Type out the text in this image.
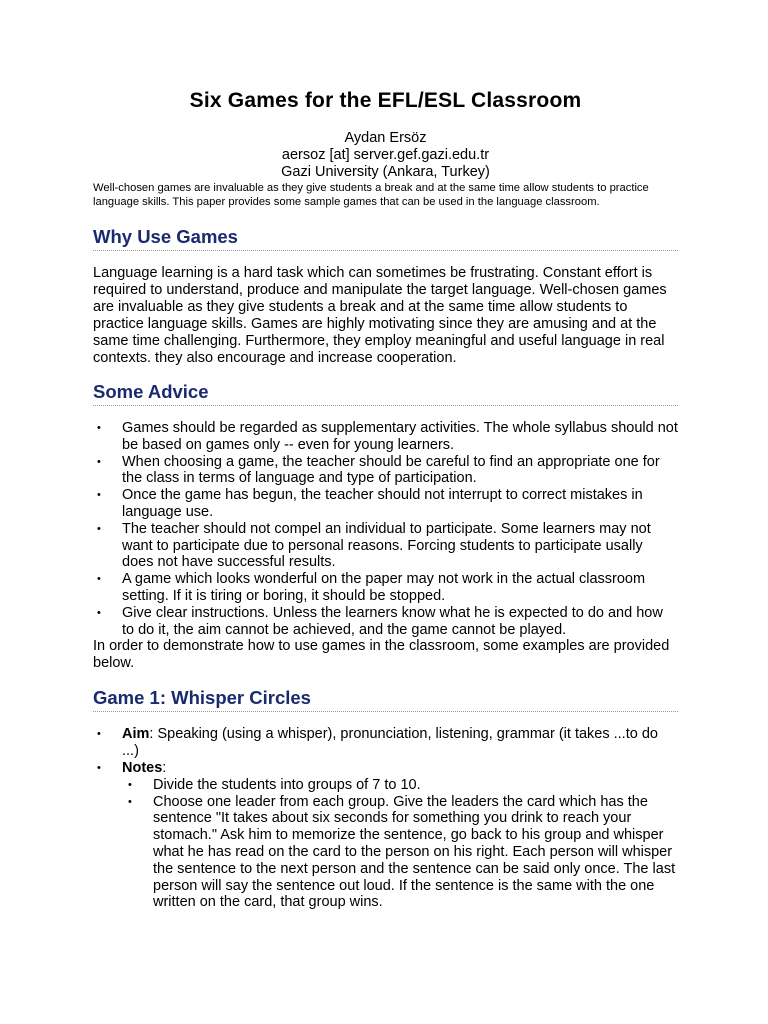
Six Games for the EFL/ESL Classroom
Aydan Ersöz
aersoz [at] server.gef.gazi.edu.tr
Gazi University (Ankara, Turkey)

Well-chosen games are invaluable as they give students a break and at the same time allow students to practice language skills. This paper provides some sample games that can be used in the language classroom.

Why Use Games

Language learning is a hard task which can sometimes be frustrating. Constant effort is required to understand, produce and manipulate the target language. Well-chosen games are invaluable as they give students a break and at the same time allow students to practice language skills. Games are highly motivating since they are amusing and at the same time challenging. Furthermore, they employ meaningful and useful language in real contexts. they also encourage and increase cooperation.

Some Advice
• Games should be regarded as supplementary activities. The whole syllabus should not be based on games only -- even for young learners.
• When choosing a game, the teacher should be careful to find an appropriate one for the class in terms of language and type of participation.
• Once the game has begun, the teacher should not interrupt to correct mistakes in language use.
• The teacher should not compel an individual to participate. Some learners may not want to participate due to personal reasons. Forcing students to participate usally does not have successful results.
• A game which looks wonderful on the paper may not work in the actual classroom setting. If it is tiring or boring, it should be stopped.
• Give clear instructions. Unless the learners know what he is expected to do and how to do it, the aim cannot be achieved, and the game cannot be played.

In order to demonstrate how to use games in the classroom, some examples are provided below.

Game 1: Whisper Circles
• Aim: Speaking (using a whisper), pronunciation, listening, grammar (it takes ...to do ...)
• Notes:
• Divide the students into groups of 7 to 10.
• Choose one leader from each group. Give the leaders the card which has the sentence "It takes about six seconds for something you drink to reach your stomach." Ask him to memorize the sentence, go back to his group and whisper what he has read on the card to the person on his right. Each person will whisper the sentence to the next person and the sentence can be said only once. The last person will say the sentence out loud. If the sentence is the same with the one written on the card, that group wins.
